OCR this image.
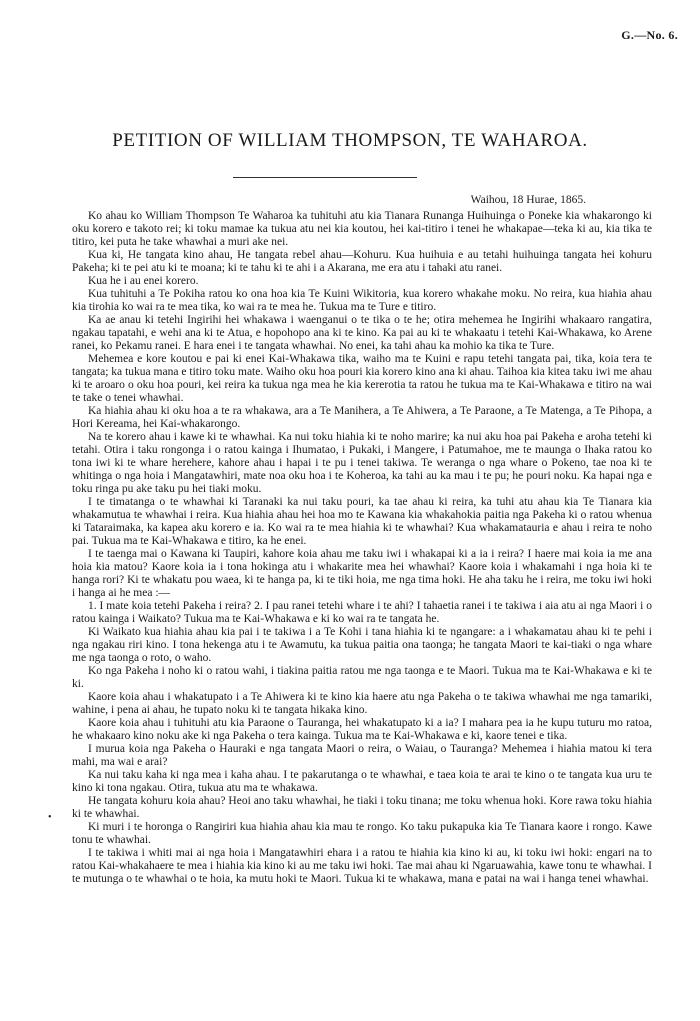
G.—No. 6.
PETITION OF WILLIAM THOMPSON, TE WAHAROA.
Waihou, 18 Hurae, 1865.

Ko ahau ko William Thompson Te Waharoa ka tuhituhi atu kia Tianara Runanga Huihuinga o Poneke kia whakarongo ki oku korero e takoto rei; ki toku mamae ka tukua atu nei kia koutou, hei kai-titiro i tenei he whakapae—teka ki au, kia tika te titiro, kei puta he take whawhai a muri ake nei.

Kua ki, He tangata kino ahau, He tangata rebel ahau—Kohuru. Kua huihuia e au tetahi huihuinga tangata hei kohuru Pakeha; ki te pei atu ki te moana; ki te tahu ki te ahi i a Akarana, me era atu i tahaki atu ranei.

Kua he i au enei korero.

Kua tuhituhi a Te Pokiha ratou ko ona hoa kia Te Kuini Wikitoria, kua korero whakahe moku. No reira, kua hiahia ahau kia tirohia ko wai ra te mea tika, ko wai ra te mea he. Tukua ma te Ture e titiro.

Ka ae anau ki tetehi Ingirihi hei whakawa i waenganui o te tika o te he; otira mehemea he Ingirihi whakaaro rangatira, ngakau tapatahi, e wehi ana ki te Atua, e hopohopo ana ki te kino. Ka pai au ki te whakaatu i tetehi Kai-Whakawa, ko Arene ranei, ko Pekamu ranei. E hara enei i te tangata whawhai. No enei, ka tahi ahau ka mohio ka tika te Ture.

Mehemea e kore koutou e pai ki enei Kai-Whakawa tika, waiho ma te Kuini e rapu tetehi tangata pai, tika, koia tera te tangata; ka tukua mana e titiro toku mate. Waiho oku hoa pouri kia korero kino ana ki ahau. Taihoa kia kitea taku iwi me ahau ki te aroaro o oku hoa pouri, kei reira ka tukua nga mea he kia kererotia ta ratou he tukua ma te Kai-Whakawa e titiro na wai te take o tenei whawhai.

Ka hiahia ahau ki oku hoa a te ra whakawa, ara a Te Manihera, a Te Ahiwera, a Te Paraone, a Te Matenga, a Te Pihopa, a Hori Kereama, hei Kai-whakarongo.

Na te korero ahau i kawe ki te whawhai. Ka nui toku hiahia ki te noho marire; ka nui aku hoa pai Pakeha e aroha tetehi ki tetahi. Otira i taku rongonga i o ratou kainga i Ihumatao, i Pukaki, i Mangere, i Patumahoe, me te maunga o Ihaka ratou ko tona iwi ki te whare herehere, kahore ahau i hapai i te pu i tenei takiwa. Te weranga o nga whare o Pokeno, tae noa ki te whitinga o nga hoia i Mangatawhiri, mate noa oku hoa i te Koheroa, ka tahi au ka mau i te pu; he pouri noku. Ka hapai nga e toku ringa pu ake taku pu hei tiaki moku.

I te timatanga o te whawhai ki Taranaki ka nui taku pouri, ka tae ahau ki reira, ka tuhi atu ahau kia Te Tianara kia whakamutua te whawhai i reira. Kua hiahia ahau hei hoa mo te Kawana kia whakahokia paitia nga Pakeha ki o ratou whenua ki Tataraimaka, ka kapea aku korero e ia. Ko wai ra te mea hiahia ki te whawhai? Kua whakamatauria e ahau i reira te noho pai. Tukua ma te Kai-Whakawa e titiro, ka he enei.

I te taenga mai o Kawana ki Taupiri, kahore koia ahau me taku iwi i whakapai ki a ia i reira? I haere mai koia ia me ana hoia kia matou? Kaore koia ia i tona hokinga atu i whakarite mea hei whawhai? Kaore koia i whakamahi i nga hoia ki te hanga rori? Ki te whakatu pou waea, ki te hanga pa, ki te tiki hoia, me nga tima hoki. He aha taku he i reira, me toku iwi hoki i hanga ai he mea :—

1. I mate koia tetehi Pakeha i reira? 2. I pau ranei tetehi whare i te ahi? I tahaetia ranei i te takiwa i aia atu ai nga Maori i o ratou kainga i Waikato? Tukua ma te Kai-Whakawa e ki ko wai ra te tangata he.

Ki Waikato kua hiahia ahau kia pai i te takiwa i a Te Kohi i tana hiahia ki te ngangare: a i whakamatau ahau ki te pehi i nga ngakau riri kino. I tona hekenga atu i te Awamutu, ka tukua paitia ona taonga; he tangata Maori te kai-tiaki o nga whare me nga taonga o roto, o waho.

Ko nga Pakeha i noho ki o ratou wahi, i tiakina paitia ratou me nga taonga e te Maori. Tukua ma te Kai-Whakawa e ki te ki.

Kaore koia ahau i whakatupato i a Te Ahiwera ki te kino kia haere atu nga Pakeha o te takiwa whawhai me nga tamariki, wahine, i pena ai ahau, he tupato noku ki te tangata hikaka kino.

Kaore koia ahau i tuhituhi atu kia Paraone o Tauranga, hei whakatupato ki a ia? I mahara pea ia he kupu tuturu mo ratoa, he whakaaro kino noku ake ki nga Pakeha o tera kainga. Tukua ma te Kai-Whakawa e ki, kaore tenei e tika.

I murua koia nga Pakeha o Hauraki e nga tangata Maori o reira, o Waiau, o Tauranga? Mehemea i hiahia matou ki tera mahi, ma wai e arai?

Ka nui taku kaha ki nga mea i kaha ahau. I te pakarutanga o te whawhai, e taea koia te arai te kino o te tangata kua uru te kino ki tona ngakau. Otira, tukua atu ma te whakawa.

He tangata kohuru koia ahau? Heoi ano taku whawhai, he tiaki i toku tinana; me toku whenua hoki. Kore rawa toku hiahia ki te whawhai.

Ki muri i te horonga o Rangiriri kua hiahia ahau kia mau te rongo. Ko taku pukapuka kia Te Tianara kaore i rongo. Kawe tonu te whawhai.

I te takiwa i whiti mai ai nga hoia i Mangatawhiri ehara i a ratou te hiahia kia kino ki au, ki toku iwi hoki: engari na to ratou Kai-whakahaere te mea i hiahia kia kino ki au me taku iwi hoki. Tae mai ahau ki Ngaruawahia, kawe tonu te whawhai. I te mutunga o te whawhai o te hoia, ka mutu hoki te Maori. Tukua ki te whakawa, mana e patai na wai i hanga tenei whawhai.

•
